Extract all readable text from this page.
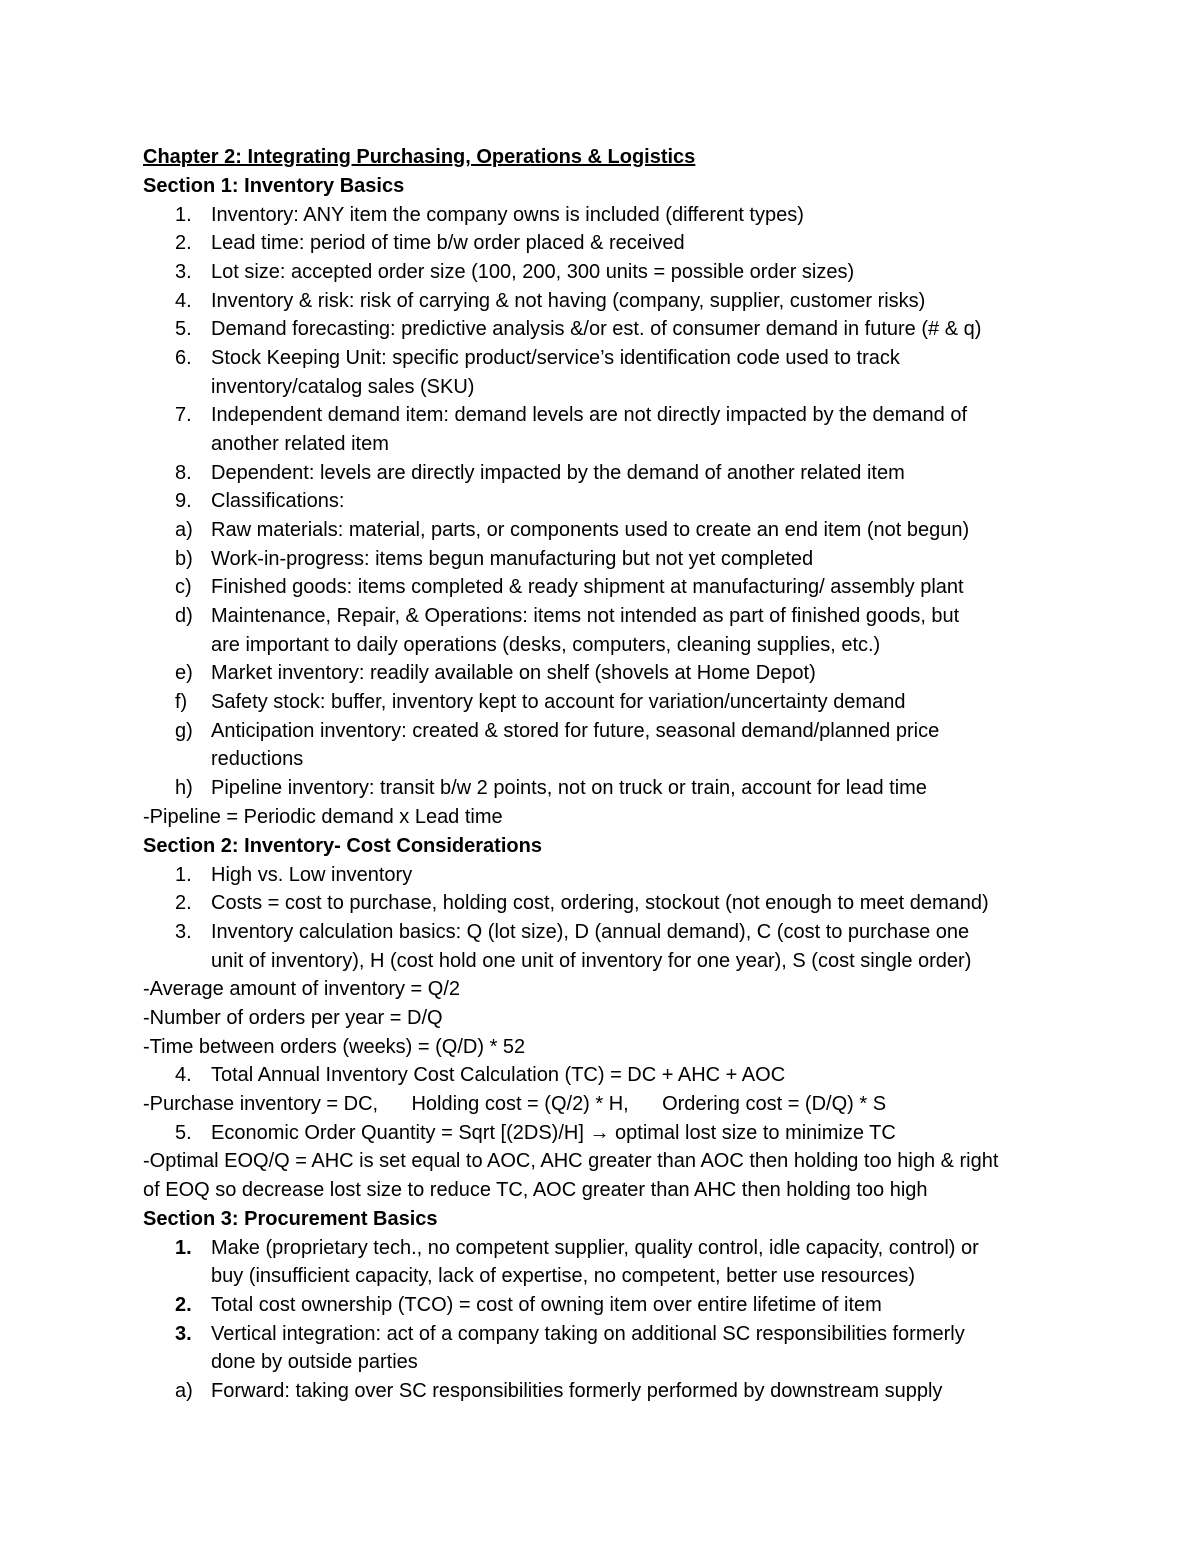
Chapter 2: Integrating Purchasing, Operations & Logistics
Section 1: Inventory Basics
1. Inventory: ANY item the company owns is included (different types)
2. Lead time: period of time b/w order placed & received
3. Lot size: accepted order size (100, 200, 300 units = possible order sizes)
4. Inventory & risk: risk of carrying & not having (company, supplier, customer risks)
5. Demand forecasting: predictive analysis &/or est. of consumer demand in future (# & q)
6. Stock Keeping Unit: specific product/service’s identification code used to track
inventory/catalog sales (SKU)
7. Independent demand item: demand levels are not directly impacted by the demand of
another related item
8. Dependent: levels are directly impacted by the demand of another related item
9. Classifications:
a) Raw materials: material, parts, or components used to create an end item (not begun)
b) Work-in-progress: items begun manufacturing but not yet completed
c) Finished goods: items completed & ready shipment at manufacturing/ assembly plant
d) Maintenance, Repair, & Operations: items not intended as part of finished goods, but
are important to daily operations (desks, computers, cleaning supplies, etc.)
e) Market inventory: readily available on shelf (shovels at Home Depot)
f)	Safety stock: buffer, inventory kept to account for variation/uncertainty demand
g) Anticipation inventory: created & stored for future, seasonal demand/planned price
reductions
h) Pipeline inventory: transit b/w 2 points, not on truck or train, account for lead time
-Pipeline = Periodic demand x Lead time
Section 2: Inventory- Cost Considerations
1. High vs. Low inventory
2. Costs = cost to purchase, holding cost, ordering, stockout (not enough to meet demand)
3. Inventory calculation basics: Q (lot size), D (annual demand), C (cost to purchase one
unit of inventory), H (cost hold one unit of inventory for one year), S (cost single order)
-Average amount of inventory = Q/2
-Number of orders per year = D/Q
-Time between orders (weeks) = (Q/D) * 52
4. Total Annual Inventory Cost Calculation (TC) = DC + AHC + AOC
-Purchase inventory = DC,      Holding cost = (Q/2) * H,      Ordering cost = (D/Q) * S
5. Economic Order Quantity = Sqrt [(2DS)/H] → optimal lost size to minimize TC
-Optimal EOQ/Q = AHC is set equal to AOC, AHC greater than AOC then holding too high & right
of EOQ so decrease lost size to reduce TC, AOC greater than AHC then holding too high
Section 3: Procurement Basics
1. Make (proprietary tech., no competent supplier, quality control, idle capacity, control) or
buy (insufficient capacity, lack of expertise, no competent, better use resources)
2. Total cost ownership (TCO) = cost of owning item over entire lifetime of item
3. Vertical integration: act of a company taking on additional SC responsibilities formerly
done by outside parties
a) Forward: taking over SC responsibilities formerly performed by downstream supply
